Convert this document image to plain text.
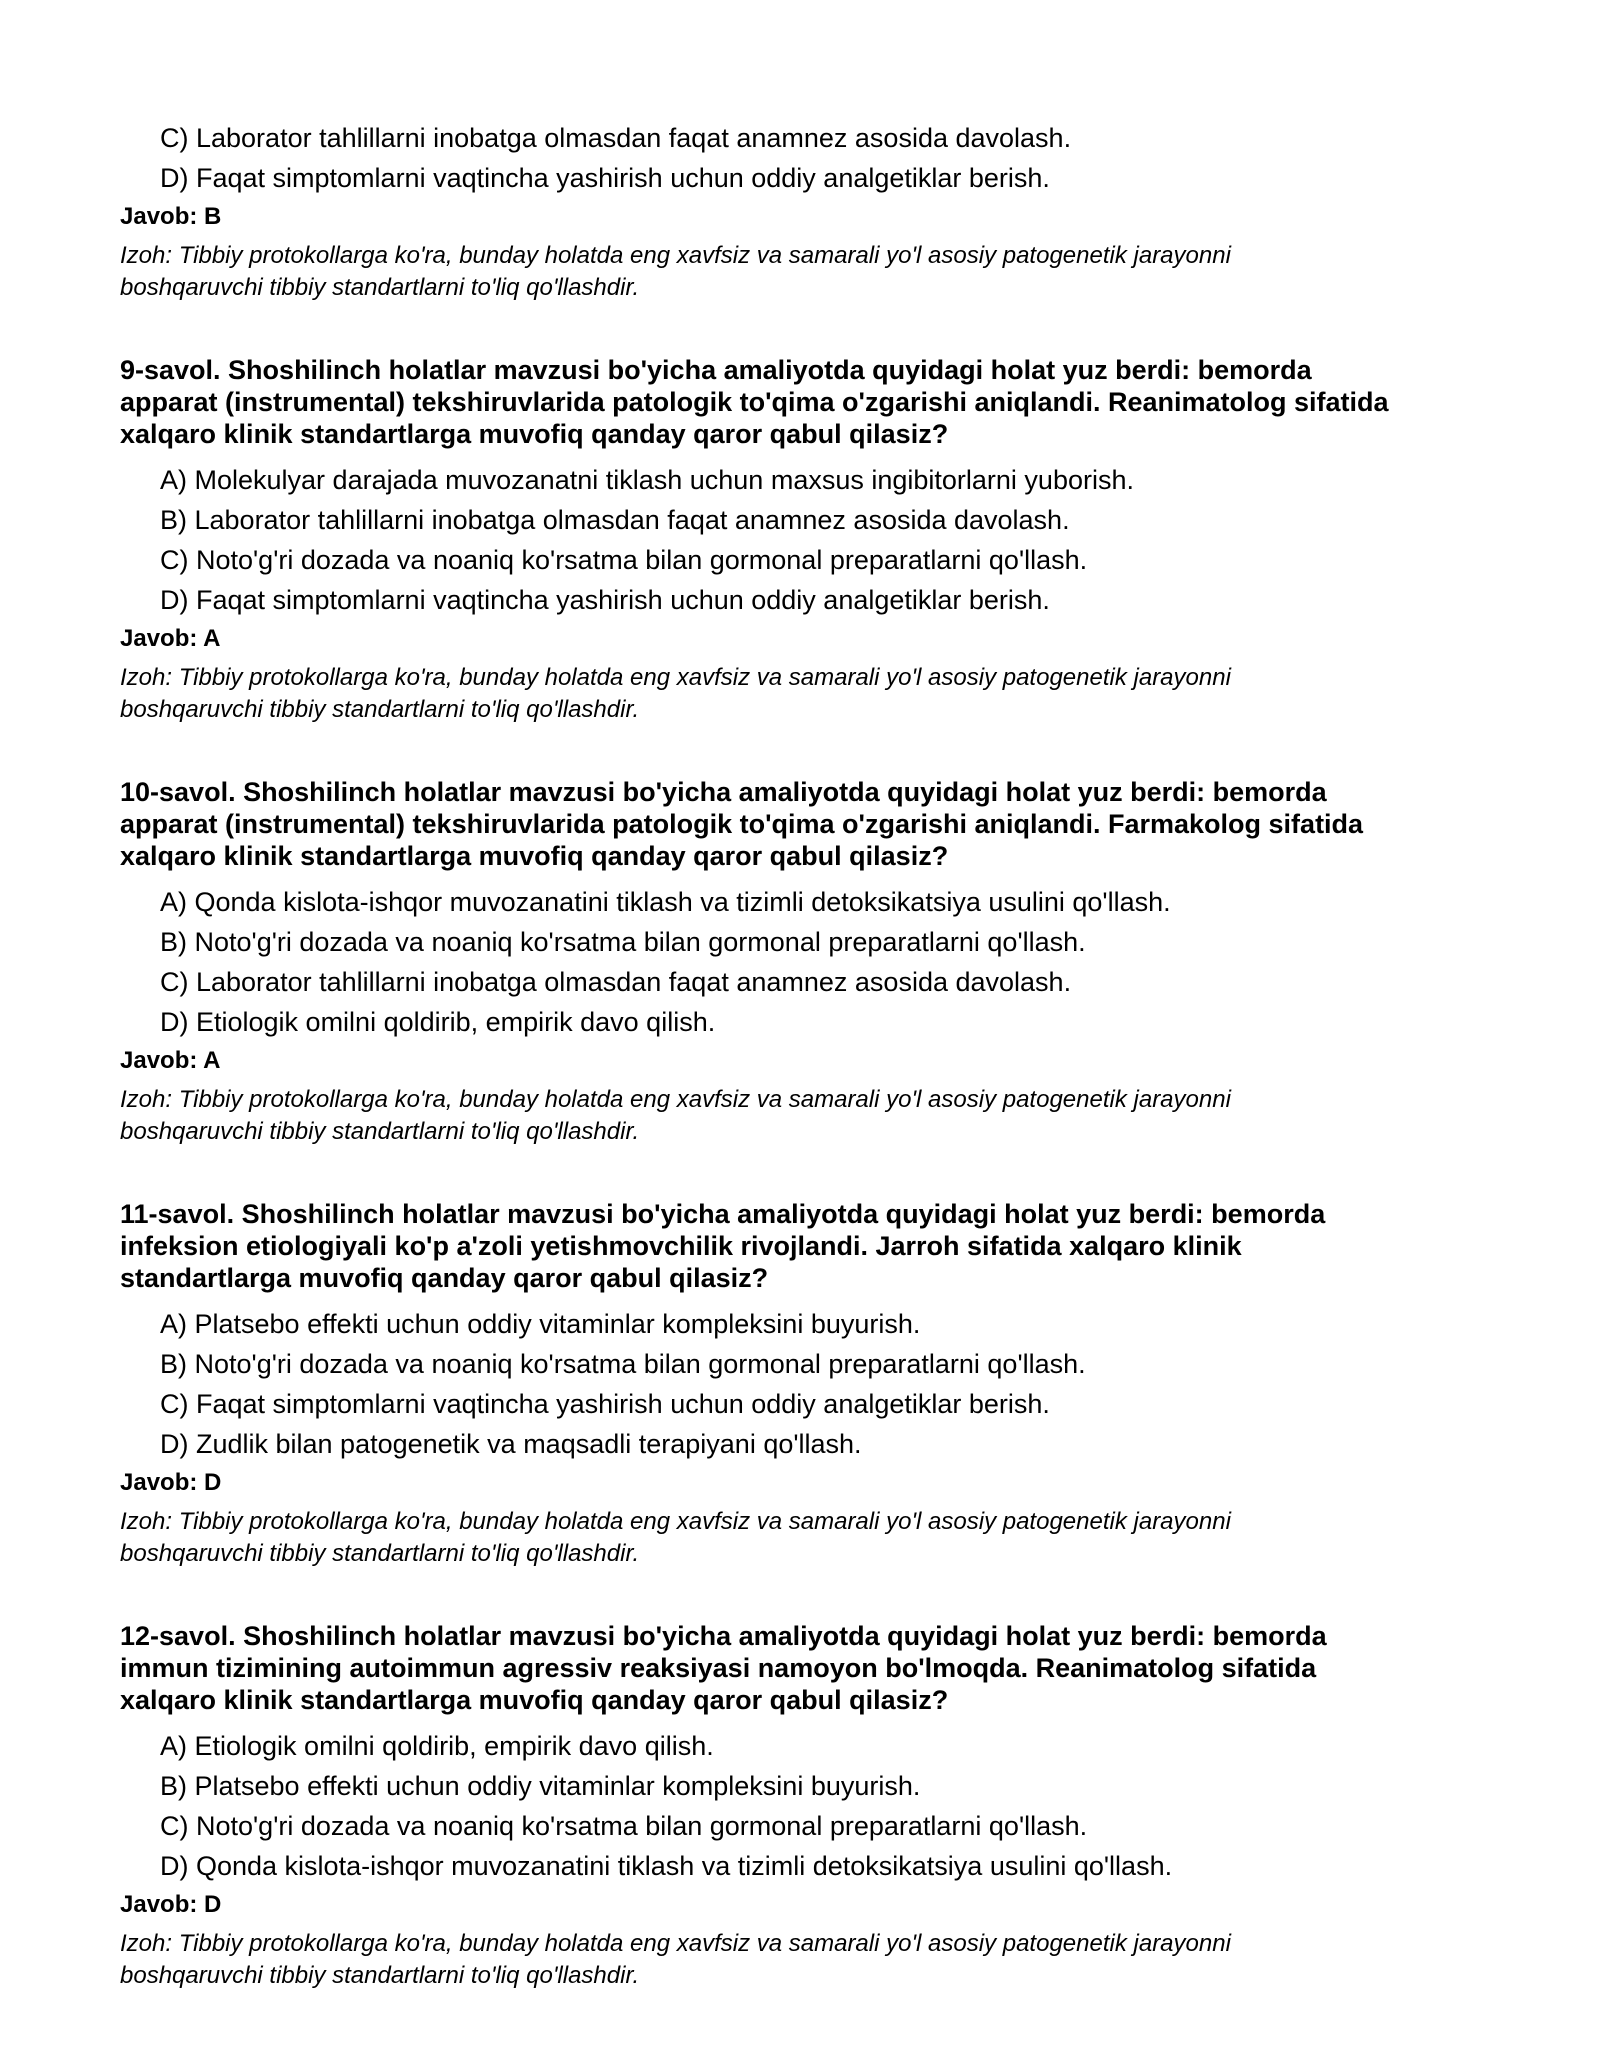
C) Laborator tahlillarni inobatga olmasdan faqat anamnez asosida davolash.
D) Faqat simptomlarni vaqtincha yashirish uchun oddiy analgetiklar berish.
Javob: B
Izoh: Tibbiy protokollarga ko'ra, bunday holatda eng xavfsiz va samarali yo'l asosiy patogenetik jarayonni
boshqaruvchi tibbiy standartlarni to'liq qo'llashdir.
9-savol. Shoshilinch holatlar mavzusi bo'yicha amaliyotda quyidagi holat yuz berdi: bemorda
apparat (instrumental) tekshiruvlarida patologik to'qima o'zgarishi aniqlandi. Reanimatolog sifatida
xalqaro klinik standartlarga muvofiq qanday qaror qabul qilasiz?
A) Molekulyar darajada muvozanatni tiklash uchun maxsus ingibitorlarni yuborish.
B) Laborator tahlillarni inobatga olmasdan faqat anamnez asosida davolash.
C) Noto'g'ri dozada va noaniq ko'rsatma bilan gormonal preparatlarni qo'llash.
D) Faqat simptomlarni vaqtincha yashirish uchun oddiy analgetiklar berish.
Javob: A
Izoh: Tibbiy protokollarga ko'ra, bunday holatda eng xavfsiz va samarali yo'l asosiy patogenetik jarayonni
boshqaruvchi tibbiy standartlarni to'liq qo'llashdir.
10-savol. Shoshilinch holatlar mavzusi bo'yicha amaliyotda quyidagi holat yuz berdi: bemorda
apparat (instrumental) tekshiruvlarida patologik to'qima o'zgarishi aniqlandi. Farmakolog sifatida
xalqaro klinik standartlarga muvofiq qanday qaror qabul qilasiz?
A) Qonda kislota-ishqor muvozanatini tiklash va tizimli detoksikatsiya usulini qo'llash.
B) Noto'g'ri dozada va noaniq ko'rsatma bilan gormonal preparatlarni qo'llash.
C) Laborator tahlillarni inobatga olmasdan faqat anamnez asosida davolash.
D) Etiologik omilni qoldirib, empirik davo qilish.
Javob: A
Izoh: Tibbiy protokollarga ko'ra, bunday holatda eng xavfsiz va samarali yo'l asosiy patogenetik jarayonni
boshqaruvchi tibbiy standartlarni to'liq qo'llashdir.
11-savol. Shoshilinch holatlar mavzusi bo'yicha amaliyotda quyidagi holat yuz berdi: bemorda
infeksion etiologiyali ko'p a'zoli yetishmovchilik rivojlandi. Jarroh sifatida xalqaro klinik
standartlarga muvofiq qanday qaror qabul qilasiz?
A) Platsebo effekti uchun oddiy vitaminlar kompleksini buyurish.
B) Noto'g'ri dozada va noaniq ko'rsatma bilan gormonal preparatlarni qo'llash.
C) Faqat simptomlarni vaqtincha yashirish uchun oddiy analgetiklar berish.
D) Zudlik bilan patogenetik va maqsadli terapiyani qo'llash.
Javob: D
Izoh: Tibbiy protokollarga ko'ra, bunday holatda eng xavfsiz va samarali yo'l asosiy patogenetik jarayonni
boshqaruvchi tibbiy standartlarni to'liq qo'llashdir.
12-savol. Shoshilinch holatlar mavzusi bo'yicha amaliyotda quyidagi holat yuz berdi: bemorda
immun tizimining autoimmun agressiv reaksiyasi namoyon bo'lmoqda. Reanimatolog sifatida
xalqaro klinik standartlarga muvofiq qanday qaror qabul qilasiz?
A) Etiologik omilni qoldirib, empirik davo qilish.
B) Platsebo effekti uchun oddiy vitaminlar kompleksini buyurish.
C) Noto'g'ri dozada va noaniq ko'rsatma bilan gormonal preparatlarni qo'llash.
D) Qonda kislota-ishqor muvozanatini tiklash va tizimli detoksikatsiya usulini qo'llash.
Javob: D
Izoh: Tibbiy protokollarga ko'ra, bunday holatda eng xavfsiz va samarali yo'l asosiy patogenetik jarayonni
boshqaruvchi tibbiy standartlarni to'liq qo'llashdir.
